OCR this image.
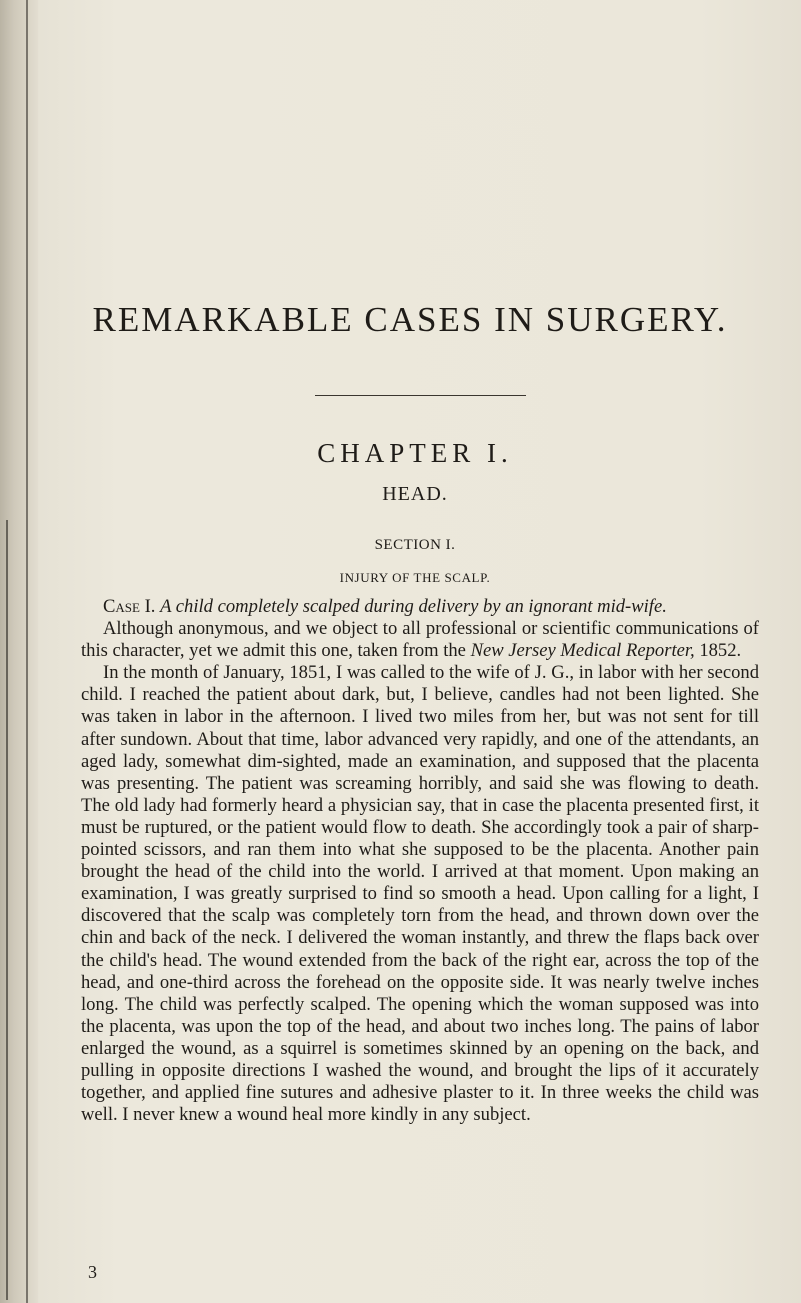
REMARKABLE CASES IN SURGERY.
CHAPTER I.
HEAD.
SECTION I.
INJURY OF THE SCALP.

Case I. A child completely scalped during delivery by an ignorant mid-wife.

Although anonymous, and we object to all professional or scientific communications of this character, yet we admit this one, taken from the New Jersey Medical Reporter, 1852.

In the month of January, 1851, I was called to the wife of J. G., in labor with her second child. I reached the patient about dark, but, I believe, candles had not been lighted. She was taken in labor in the afternoon. I lived two miles from her, but was not sent for till after sundown. About that time, labor advanced very rapidly, and one of the attendants, an aged lady, somewhat dim-sighted, made an examination, and supposed that the placenta was presenting. The patient was screaming horribly, and said she was flowing to death. The old lady had formerly heard a physician say, that in case the placenta presented first, it must be ruptured, or the patient would flow to death. She accordingly took a pair of sharp-pointed scissors, and ran them into what she supposed to be the placenta. Another pain brought the head of the child into the world. I arrived at that moment. Upon making an examination, I was greatly surprised to find so smooth a head. Upon calling for a light, I discovered that the scalp was completely torn from the head, and thrown down over the chin and back of the neck. I delivered the woman instantly, and threw the flaps back over the child's head. The wound extended from the back of the right ear, across the top of the head, and one-third across the forehead on the opposite side. It was nearly twelve inches long. The child was perfectly scalped. The opening which the woman supposed was into the placenta, was upon the top of the head, and about two inches long. The pains of labor enlarged the wound, as a squirrel is sometimes skinned by an opening on the back, and pulling in opposite directions I washed the wound, and brought the lips of it accurately together, and applied fine sutures and adhesive plaster to it. In three weeks the child was well. I never knew a wound heal more kindly in any subject.

3
